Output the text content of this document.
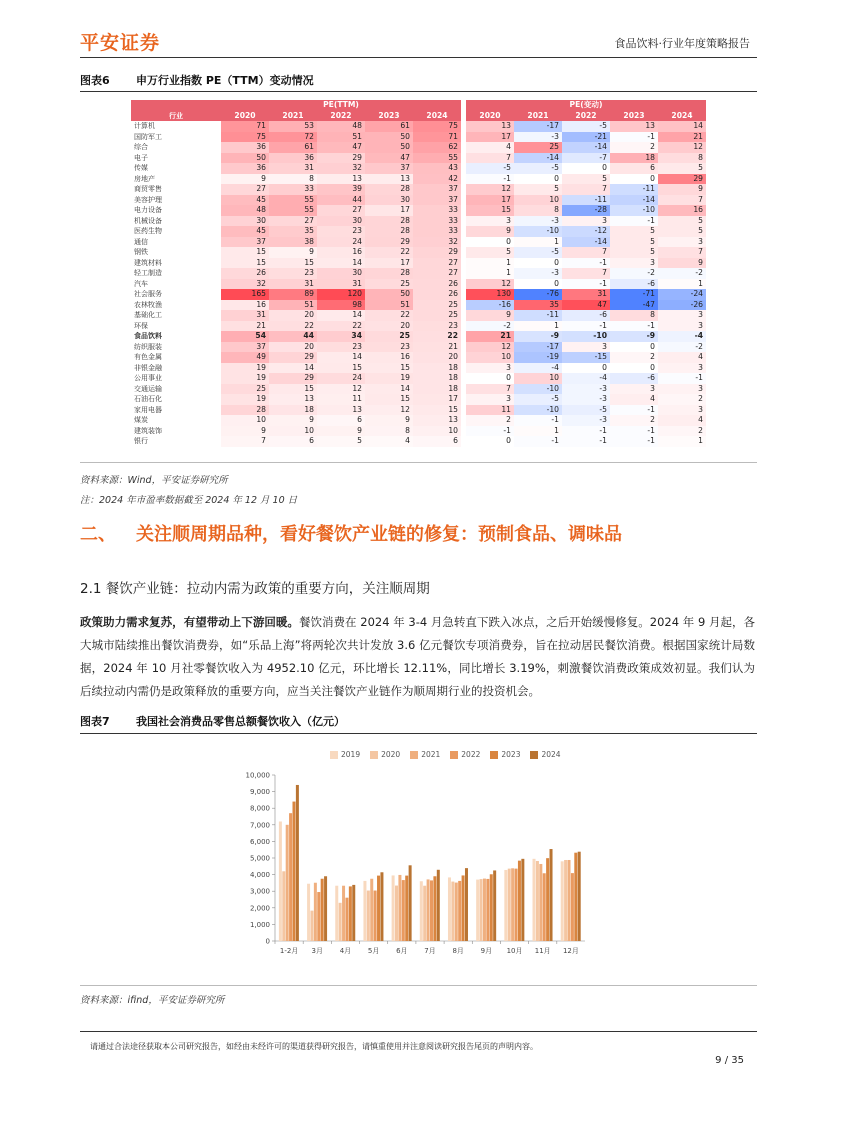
平安证券	食品饮料·行业年度策略报告
图表6 申万行业指数 PE（TTM）变动情况
	PE(TTM)						PE(变动)				
行业	2020	2021	2022	2023	2024		2020	2021	2022	2023	2024
计算机	71	53	48	61	75		13	-17	-5	13	14
国防军工	75	72	51	50	71		17	-3	-21	-1	21
综合	36	61	47	50	62		4	25	-14	2	12
电子	50	36	29	47	55		7	-14	-7	18	8
传媒	36	31	32	37	43		-5	-5	0	6	5
房地产	9	8	13	13	42		-1	0	5	0	29
商贸零售	27	33	39	28	37		12	5	7	-11	9
美容护理	45	55	44	30	37		17	10	-11	-14	7
电力设备	48	55	27	17	33		15	8	-28	-10	16
机械设备	30	27	30	28	33		3	-3	3	-1	5
医药生物	45	35	23	28	33		9	-10	-12	5	5
通信	37	38	24	29	32		0	1	-14	5	3
钢铁	15	9	16	22	29		5	-5	7	5	7
建筑材料	15	15	14	17	27		1	0	-1	3	9
轻工制造	26	23	30	28	27		1	-3	7	-2	-2
汽车	32	31	31	25	26		12	0	-1	-6	1
社会服务	165	89	120	50	26		130	-76	31	-71	-24
农林牧渔	16	51	98	51	25		-16	35	47	-47	-26
基础化工	31	20	14	22	25		9	-11	-6	8	3
环保	21	22	22	20	23		-2	1	-1	-1	3
食品饮料	54	44	34	25	22		21	-9	-10	-9	-4
纺织服装	37	20	23	23	21		12	-17	3	0	-2
有色金属	49	29	14	16	20		10	-19	-15	2	4
非银金融	19	14	15	15	18		3	-4	0	0	3
公用事业	19	29	24	19	18		0	10	-4	-6	-1
交通运输	25	15	12	14	18		7	-10	-3	3	3
石油石化	19	13	11	15	17		3	-5	-3	4	2
家用电器	28	18	13	12	15		11	-10	-5	-1	3
煤炭	10	9	6	9	13		2	-1	-3	2	4
建筑装饰	9	10	9	8	10		-1	1	-1	-1	2
银行	7	6	5	4	6		0	-1	-1	-1	1
资料来源：Wind，平安证券研究所
注：2024 年市盈率数据截至 2024 年 12 月 10 日
二、 关注顺周期品种，看好餐饮产业链的修复：预制食品、调味品
2.1 餐饮产业链：拉动内需为政策的重要方向，关注顺周期
政策助力需求复苏，有望带动上下游回暖。餐饮消费在 2024 年 3-4 月急转直下跌入冰点，之后开始缓慢修复。2024 年 9 月起，各大城市陆续推出餐饮消费券，如“乐品上海”将两轮次共计发放 3.6 亿元餐饮专项消费券，旨在拉动居民餐饮消费。根据国家统计局数据，2024 年 10 月社零餐饮收入为 4952.10 亿元，环比增长 12.11%，同比增长 3.19%，刺激餐饮消费政策成效初显。我们认为后续拉动内需仍是政策释放的重要方向，应当关注餐饮产业链作为顺周期行业的投资机会。
图表7 我国社会消费品零售总额餐饮收入（亿元）
2019	2020	2021	2022	2023	2024
0
1,000
2,000
3,000
4,000
5,000
6,000
7,000
8,000
9,000
10,000
1-2月 3月 4月 5月 6月 7月 8月 9月 10月 11月 12月
资料来源：ifind，平安证券研究所
请通过合法途径获取本公司研究报告，如经由未经许可的渠道获得研究报告，请慎重使用并注意阅读研究报告尾页的声明内容。
9 / 35
